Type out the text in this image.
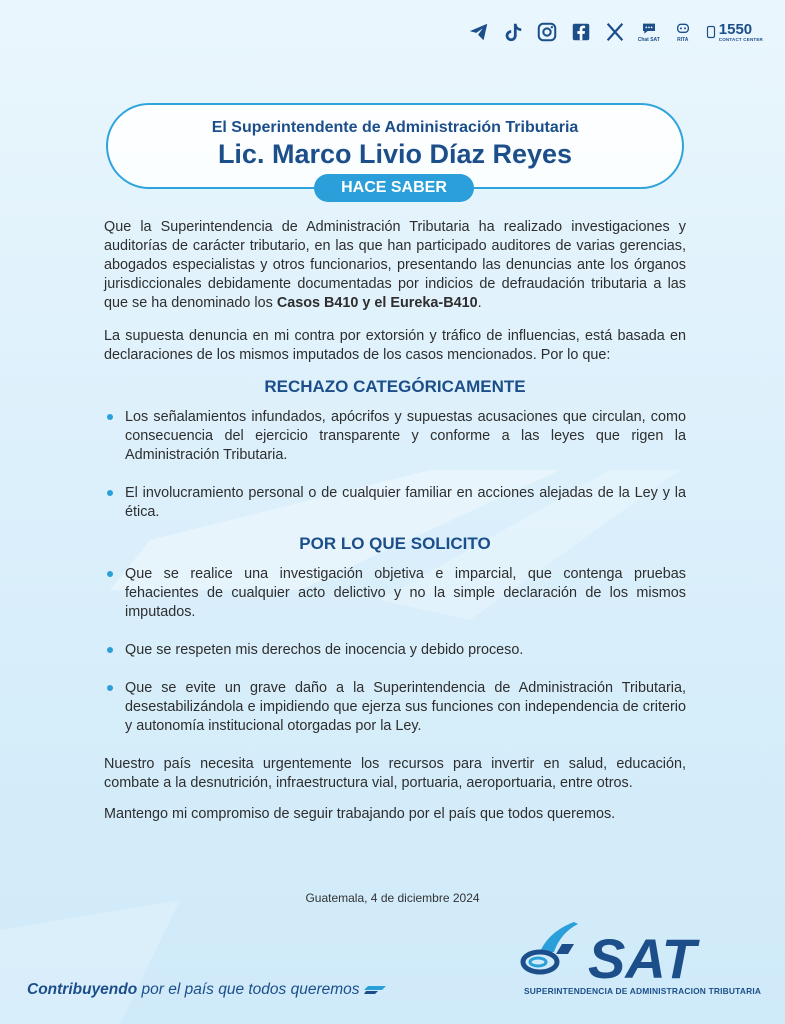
Chat SAT	RITA
1550
CONTACT CENTER
El Superintendente de Administración Tributaria
Lic. Marco Livio Díaz Reyes
HACE SABER

Que la Superintendencia de Administración Tributaria ha realizado investigaciones y auditorías de carácter tributario, en las que han participado auditores de varias gerencias, abogados especialistas y otros funcionarios, presentando las denuncias ante los órganos jurisdiccionales debidamente documentadas por indicios de defraudación tributaria a las que se ha denominado los Casos B410 y el Eureka-B410.

La supuesta denuncia en mi contra por extorsión y tráfico de influencias, está basada en declaraciones de los mismos imputados de los casos mencionados. Por lo que:

RECHAZO CATEGÓRICAMENTE
Los señalamientos infundados, apócrifos y supuestas acusaciones que circulan, como consecuencia del ejercicio transparente y conforme a las leyes que rigen la Administración Tributaria.
El involucramiento personal o de cualquier familiar en acciones alejadas de la Ley y la ética.
POR LO QUE SOLICITO
Que se realice una investigación objetiva e imparcial, que contenga pruebas fehacientes de cualquier acto delictivo y no la simple declaración de los mismos imputados.
Que se respeten mis derechos de inocencia y debido proceso.
Que se evite un grave daño a la Superintendencia de Administración Tributaria, desestabilizándola e impidiendo que ejerza sus funciones con independencia de criterio y autonomía institucional otorgadas por la Ley.

Nuestro país necesita urgentemente los recursos para invertir en salud, educación, combate a la desnutrición, infraestructura vial, portuaria, aeroportuaria, entre otros.

Mantengo mi compromiso de seguir trabajando por el país que todos queremos.

Guatemala, 4 de diciembre 2024
Contribuyendo por el país que todos queremos	SAT
SUPERINTENDENCIA DE ADMINISTRACION TRIBUTARIA
